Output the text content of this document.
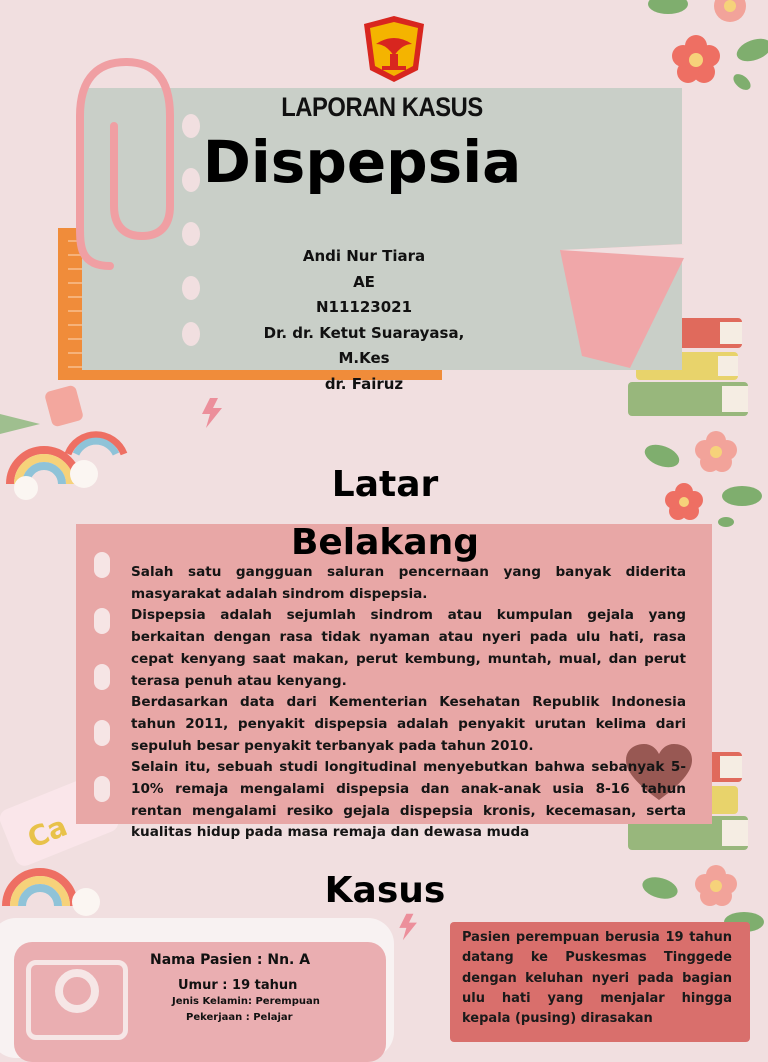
Ca
LAPORAN KASUS
Dispepsia
Andi Nur Tiara
AE
N11123021
Dr. dr. Ketut Suarayasa,
M.Kes
dr. Fairuz
Latar
Belakang

Salah satu gangguan saluran pencernaan yang banyak diderita masyarakat adalah sindrom dispepsia.

Dispepsia adalah sejumlah sindrom atau kumpulan gejala yang berkaitan dengan rasa tidak nyaman atau nyeri pada ulu hati, rasa cepat kenyang saat makan, perut kembung, muntah, mual, dan perut terasa penuh atau kenyang.

Berdasarkan data dari Kementerian Kesehatan Republik Indonesia tahun 2011, penyakit dispepsia adalah penyakit urutan kelima dari sepuluh besar penyakit terbanyak pada tahun 2010.

Selain itu, sebuah studi longitudinal menyebutkan bahwa sebanyak 5-10% remaja mengalami dispepsia dan anak-anak usia 8-16 tahun rentan mengalami resiko gejala dispepsia kronis, kecemasan, serta kualitas hidup pada masa remaja dan dewasa muda

Kasus
Nama Pasien : Nn. A
Umur : 19 tahun
Jenis Kelamin: Perempuan
Pekerjaan : Pelajar
Pasien perempuan berusia 19 tahun datang ke Puskesmas Tinggede dengan keluhan nyeri pada bagian ulu hati yang menjalar hingga kepala (pusing) dirasakan
